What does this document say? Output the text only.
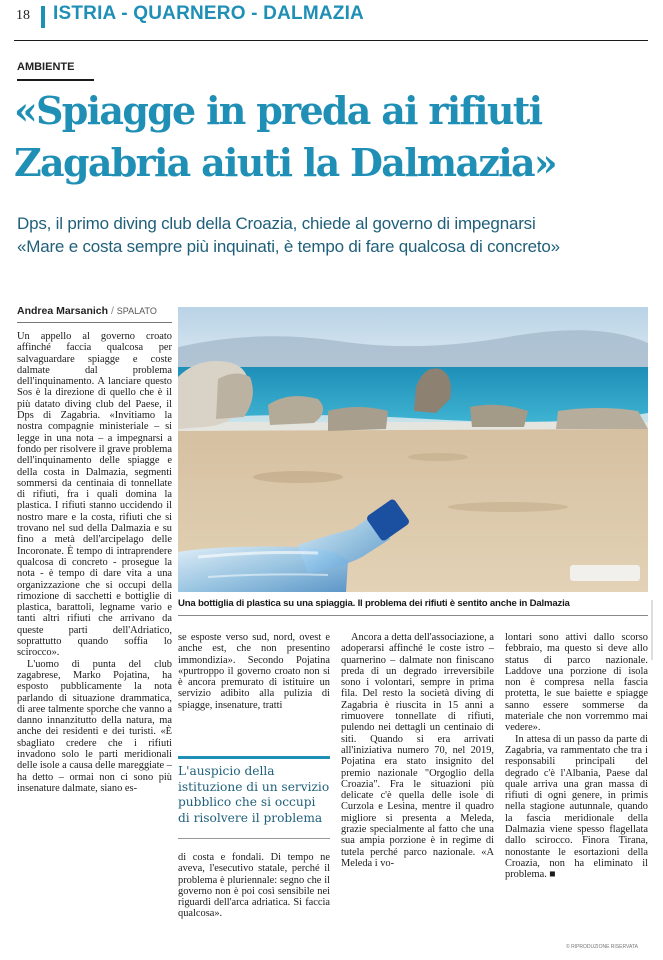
18 ISTRIA - QUARNERO - DALMAZIA
AMBIENTE
«Spiagge in preda ai rifiuti
Zagabria aiuti la Dalmazia»
Dps, il primo diving club della Croazia, chiede al governo di impegnarsi
«Mare e costa sempre più inquinati, è tempo di fare qualcosa di concreto»
Andrea Marsanich / SPALATO

Un appello al governo croato affinché faccia qualcosa per salvaguardare spiagge e coste dalmate dal problema dell'inquinamento. A lanciare questo Sos è la direzione di quello che è il più datato diving club del Paese, il Dps di Zagabria. «Invitiamo la nostra compagnie ministeriale – si legge in una nota – a impegnarsi a fondo per risolvere il grave problema dell'inquinamento delle spiagge e della costa in Dalmazia, segmenti sommersi da centinaia di tonnellate di rifiuti, fra i quali domina la plastica. I rifiuti stanno uccidendo il nostro mare e la costa, rifiuti che si trovano nel sud della Dalmazia e su fino a metà dell'arcipelago delle Incoronate. È tempo di intraprendere qualcosa di concreto - prosegue la nota - è tempo di dare vita a una organizzazione che si occupi della rimozione di sacchetti e bottiglie di plastica, barattoli, legname vario e tanti altri rifiuti che arrivano da queste parti dell'Adriatico, soprattutto quando soffia lo scirocco».

L'uomo di punta del club zagabrese, Marko Pojatina, ha esposto pubblicamente la nota parlando di situazione drammatica, di aree talmente sporche che vanno a danno innanzitutto della natura, ma anche dei residenti e dei turisti. «È sbagliato credere che i rifiuti invadono solo le parti meridionali delle isole a causa delle mareggiate – ha detto – ormai non ci sono più insenature dalmate, siano es-

Una bottiglia di plastica su una spiaggia. Il problema dei rifiuti è sentito anche in Dalmazia

se esposte verso sud, nord, ovest e anche est, che non presentino immondizia». Secondo Pojatina «purtroppo il governo croato non si è ancora premurato di istituire un servizio adibito alla pulizia di spiagge, insenature, tratti

L'auspicio della istituzione di un servizio pubblico che si occupi di risolvere il problema

di costa e fondali. Di tempo ne aveva, l'esecutivo statale, perché il problema è pluriennale: segno che il governo non è poi così sensibile nei riguardi dell'arca adriatica. Si faccia qualcosa».

Ancora a detta dell'associazione, a adoperarsi affinché le coste istro – quarnerino – dalmate non finiscano preda di un degrado irreversibile sono i volontari, sempre in prima fila. Del resto la società diving di Zagabria è riuscita in 15 anni a rimuovere tonnellate di rifiuti, pulendo nei dettagli un centinaio di siti. Quando si era arrivati all'iniziativa numero 70, nel 2019, Pojatina era stato insignito del premio nazionale "Orgoglio della Croazia". Fra le situazioni più delicate c'è quella delle isole di Curzola e Lesina, mentre il quadro migliore si presenta a Meleda, grazie specialmente al fatto che una sua ampia porzione è in regime di tutela perché parco nazionale. «A Meleda i vo-

lontari sono attivi dallo scorso febbraio, ma questo si deve allo status di parco nazionale. Laddove una porzione di isola non è compresa nella fascia protetta, le sue baiette e spiagge sanno essere sommerse da materiale che non vorremmo mai vedere».

In attesa di un passo da parte di Zagabria, va rammentato che tra i responsabili principali del degrado c'è l'Albania, Paese dal quale arriva una gran massa di rifiuti di ogni genere, in primis nella stagione autunnale, quando la fascia meridionale della Dalmazia viene spesso flagellata dallo scirocco. Finora Tirana, nonostante le esortazioni della Croazia, non ha eliminato il problema. ■

© RIPRODUZIONE RISERVATA
